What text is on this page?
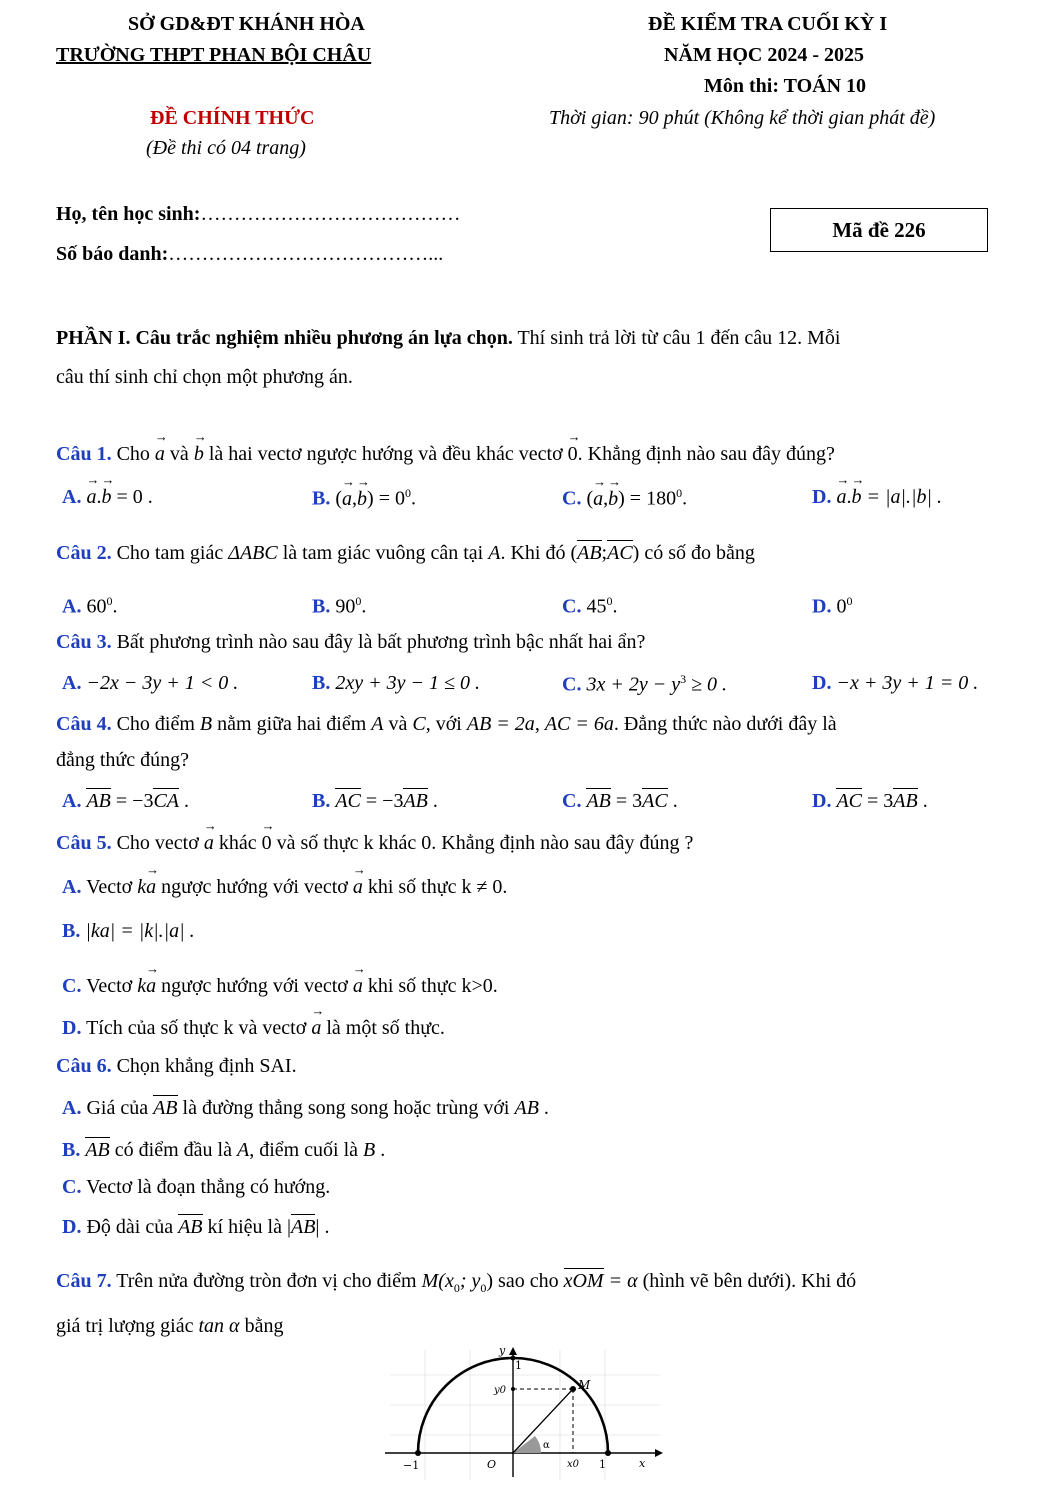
SỞ GD&ĐT KHÁNH HÒA
TRƯỜNG THPT PHAN BỘI CHÂU
ĐỀ KIỂM TRA CUỐI KỲ I
NĂM HỌC 2024 - 2025
Môn thi: TOÁN 10
ĐỀ CHÍNH THỨC	Thời gian: 90 phút (Không kể thời gian phát đề)
(Đề thi có 04 trang)
Họ, tên học sinh:…………………………………
Số báo danh:…………………………………...
Mã đề 226
PHẦN I. Câu trắc nghiệm nhiều phương án lựa chọn. Thí sinh trả lời từ câu 1 đến câu 12. Mỗi
câu thí sinh chỉ chọn một phương án.
Câu 1. Cho → a và → b là hai vectơ ngược hướng và đều khác vectơ → 0. Khẳng định nào sau đây đúng?
A. → a.→ b = 0 .	B. (→ $a,\to b) = 0^0$.	C. (→ $a,\to b) = 180^0$.	D. → a.→ b = |a|.|b| .
Câu 2. Cho tam giác ΔABC là tam giác vuông cân tại A. Khi đó (AB;AC) có số đo bằng
A. $60^0$.	B. $90^0$.	C. $45^0$.	D. $0^0$
Câu 3. Bất phương trình nào sau đây là bất phương trình bậc nhất hai ẩn?
A. −2x − 3y + 1 < 0 .	B. 2xy + 3y − 1 ≤ 0 .	C. $3x + 2y - y^3 \ge 0$ .	D. −x + 3y + 1 = 0 .
Câu 4. Cho điểm B nằm giữa hai điểm A và C, với AB = 2a, AC = 6a. Đẳng thức nào dưới đây là
đẳng thức đúng?
A. AB = −3CA .	B. AC = −3AB .	C. AB = 3AC .	D. AC = 3AB .
Câu 5. Cho vectơ → a khác → 0 và số thực k khác 0. Khẳng định nào sau đây đúng ?
A. Vectơ k→ a ngược hướng với vectơ → a khi số thực k ≠ 0.
B. |ka| = |k|.|a| .
C. Vectơ k→ a ngược hướng với vectơ → a khi số thực k>0.
D. Tích của số thực k và vectơ → a là một số thực.
Câu 6. Chọn khẳng định SAI.
A. Giá của AB là đường thẳng song song hoặc trùng với AB .
B. AB có điểm đầu là A, điểm cuối là B .
C. Vectơ là đoạn thẳng có hướng.
D. Độ dài của AB kí hiệu là |AB| .
Câu 7. Trên nửa đường tròn đơn vị cho điểm $M(x_0$; $y_0$) sao cho xOM = α (hình vẽ bên dưới). Khi đó
giá trị lượng giác tan α bằng
y
1
y0	M
α
−1	O	x0 1	x
